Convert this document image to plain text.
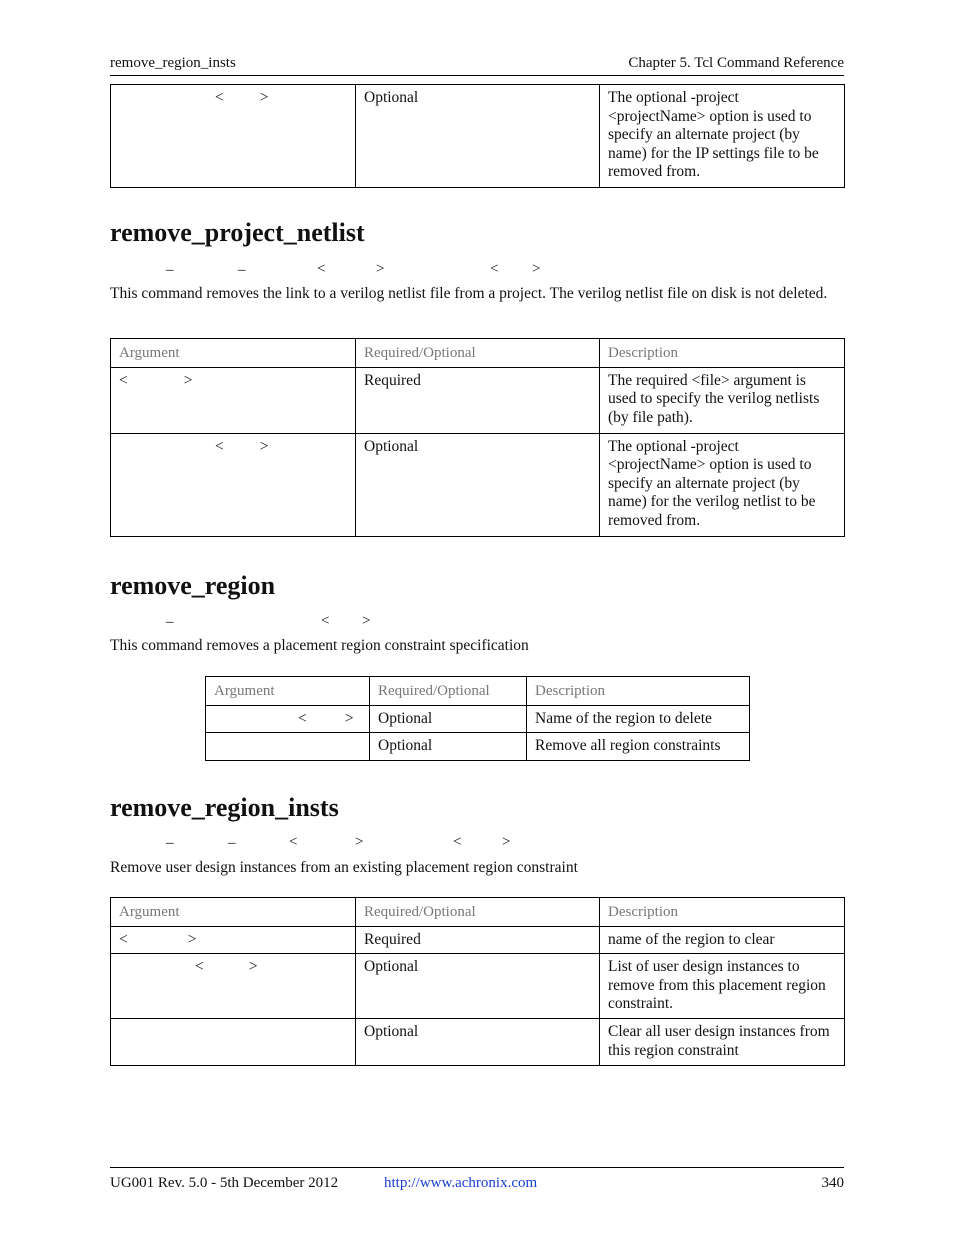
remove_region_insts	Chapter 5. Tcl Command Reference
< >	Optional	The optional -project <projectName> option is used to specify an alternate project (by name) for the IP settings file to be removed from.
remove_project_netlist
_	_	<	>	< >

This command removes the link to a verilog netlist file from a project. The verilog netlist file on disk is not deleted.

Argument	Required/Optional	Description
< >	Required	The required <file> argument is used to specify the verilog netlists (by file path).
< >	Optional	The optional -project <projectName> option is used to specify an alternate project (by name) for the verilog netlist to be removed from.
remove_region
_	< >

This command removes a placement region constraint specification

Argument	Required/Optional	Description
< >	Optional	Name of the region to delete
	Optional	Remove all region constraints
remove_region_insts
_	_	<	>	<	>

Remove user design instances from an existing placement region constraint

Argument	Required/Optional	Description
< >	Required	name of the region to clear
< >	Optional	List of user design instances to remove from this placement region constraint.
	Optional	Clear all user design instances from this region constraint
UG001 Rev. 5.0 - 5th December 2012	http://www.achronix.com	340
